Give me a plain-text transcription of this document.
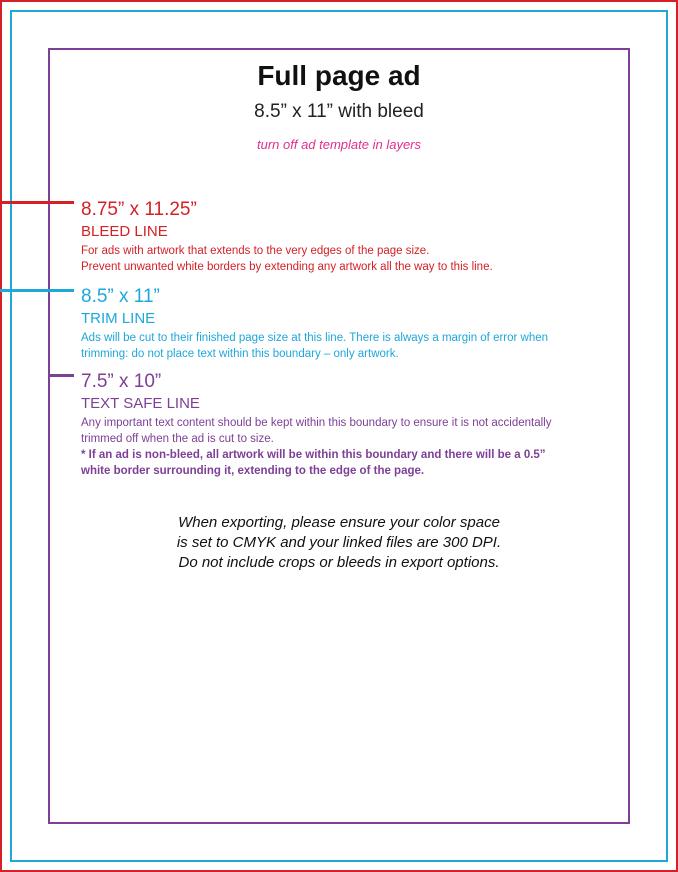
Full page ad
8.5” x 11” with bleed
turn off ad template in layers
8.75” x 11.25”
BLEED LINE
For ads with artwork that extends to the very edges of the page size.
Prevent unwanted white borders by extending any artwork all the way to this line.
8.5” x 11”
TRIM LINE
Ads will be cut to their finished page size at this line. There is always a margin of error when
trimming: do not place text within this boundary – only artwork.
7.5” x 10”
TEXT SAFE LINE
Any important text content should be kept within this boundary to ensure it is not accidentally
trimmed off when the ad is cut to size.
* If an ad is non-bleed, all artwork will be within this boundary and there will be a 0.5”
white border surrounding it, extending to the edge of the page.
When exporting, please ensure your color space
is set to CMYK and your linked files are 300 DPI.
Do not include crops or bleeds in export options.
